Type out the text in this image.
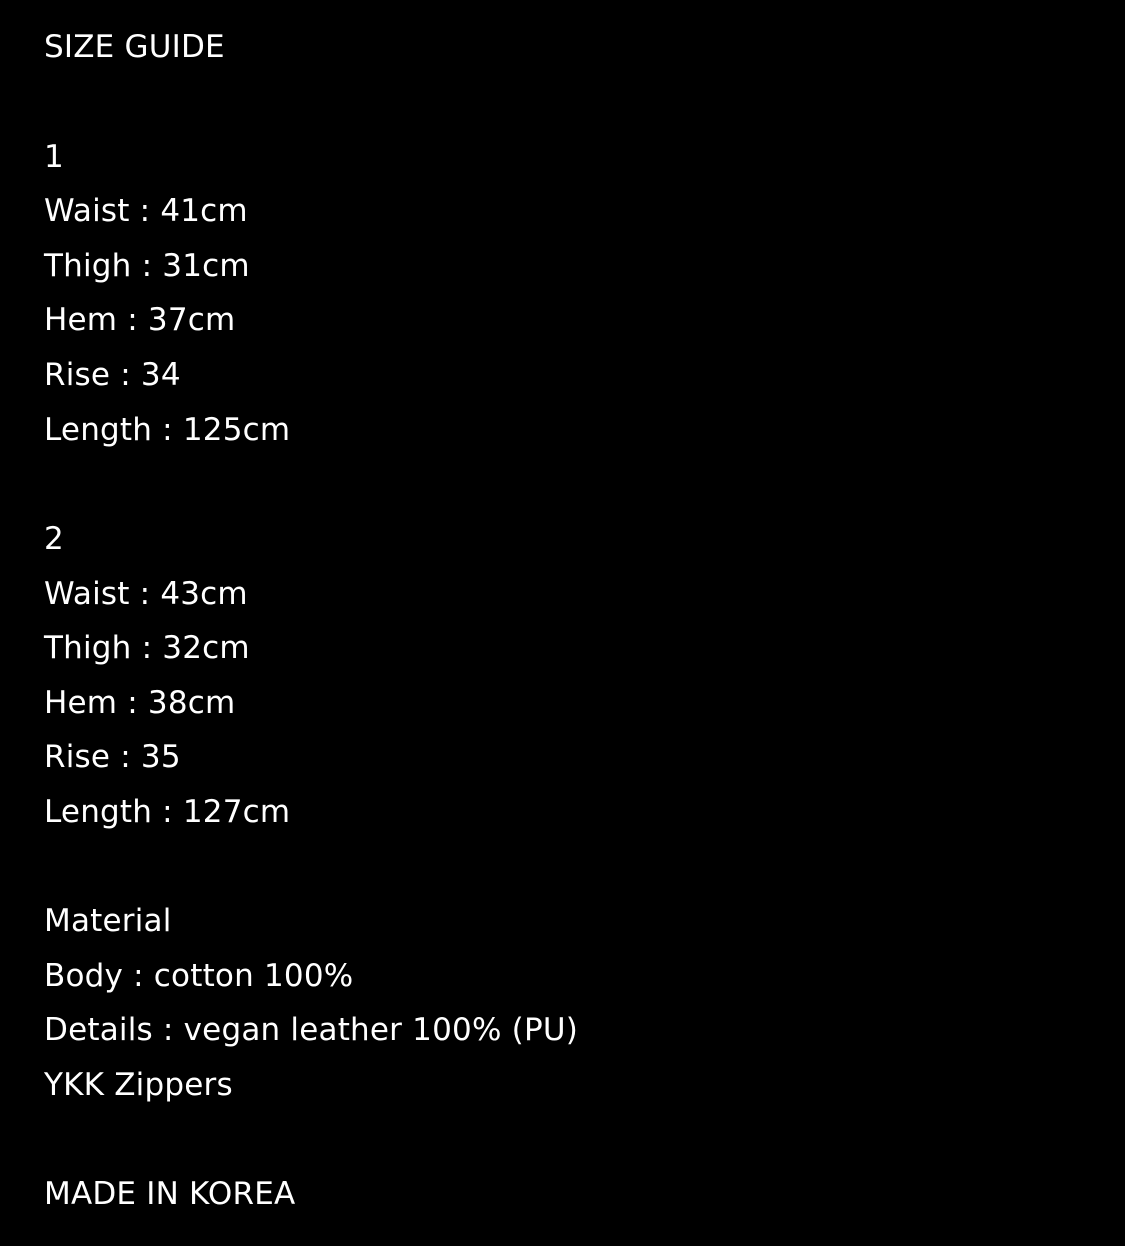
SIZE GUIDE
1
Waist : 41cm
Thigh : 31cm
Hem : 37cm
Rise : 34
Length : 125cm
2
Waist : 43cm
Thigh : 32cm
Hem : 38cm
Rise : 35
Length : 127cm
Material
Body : cotton 100%
Details : vegan leather 100% (PU)
YKK Zippers
MADE IN KOREA
